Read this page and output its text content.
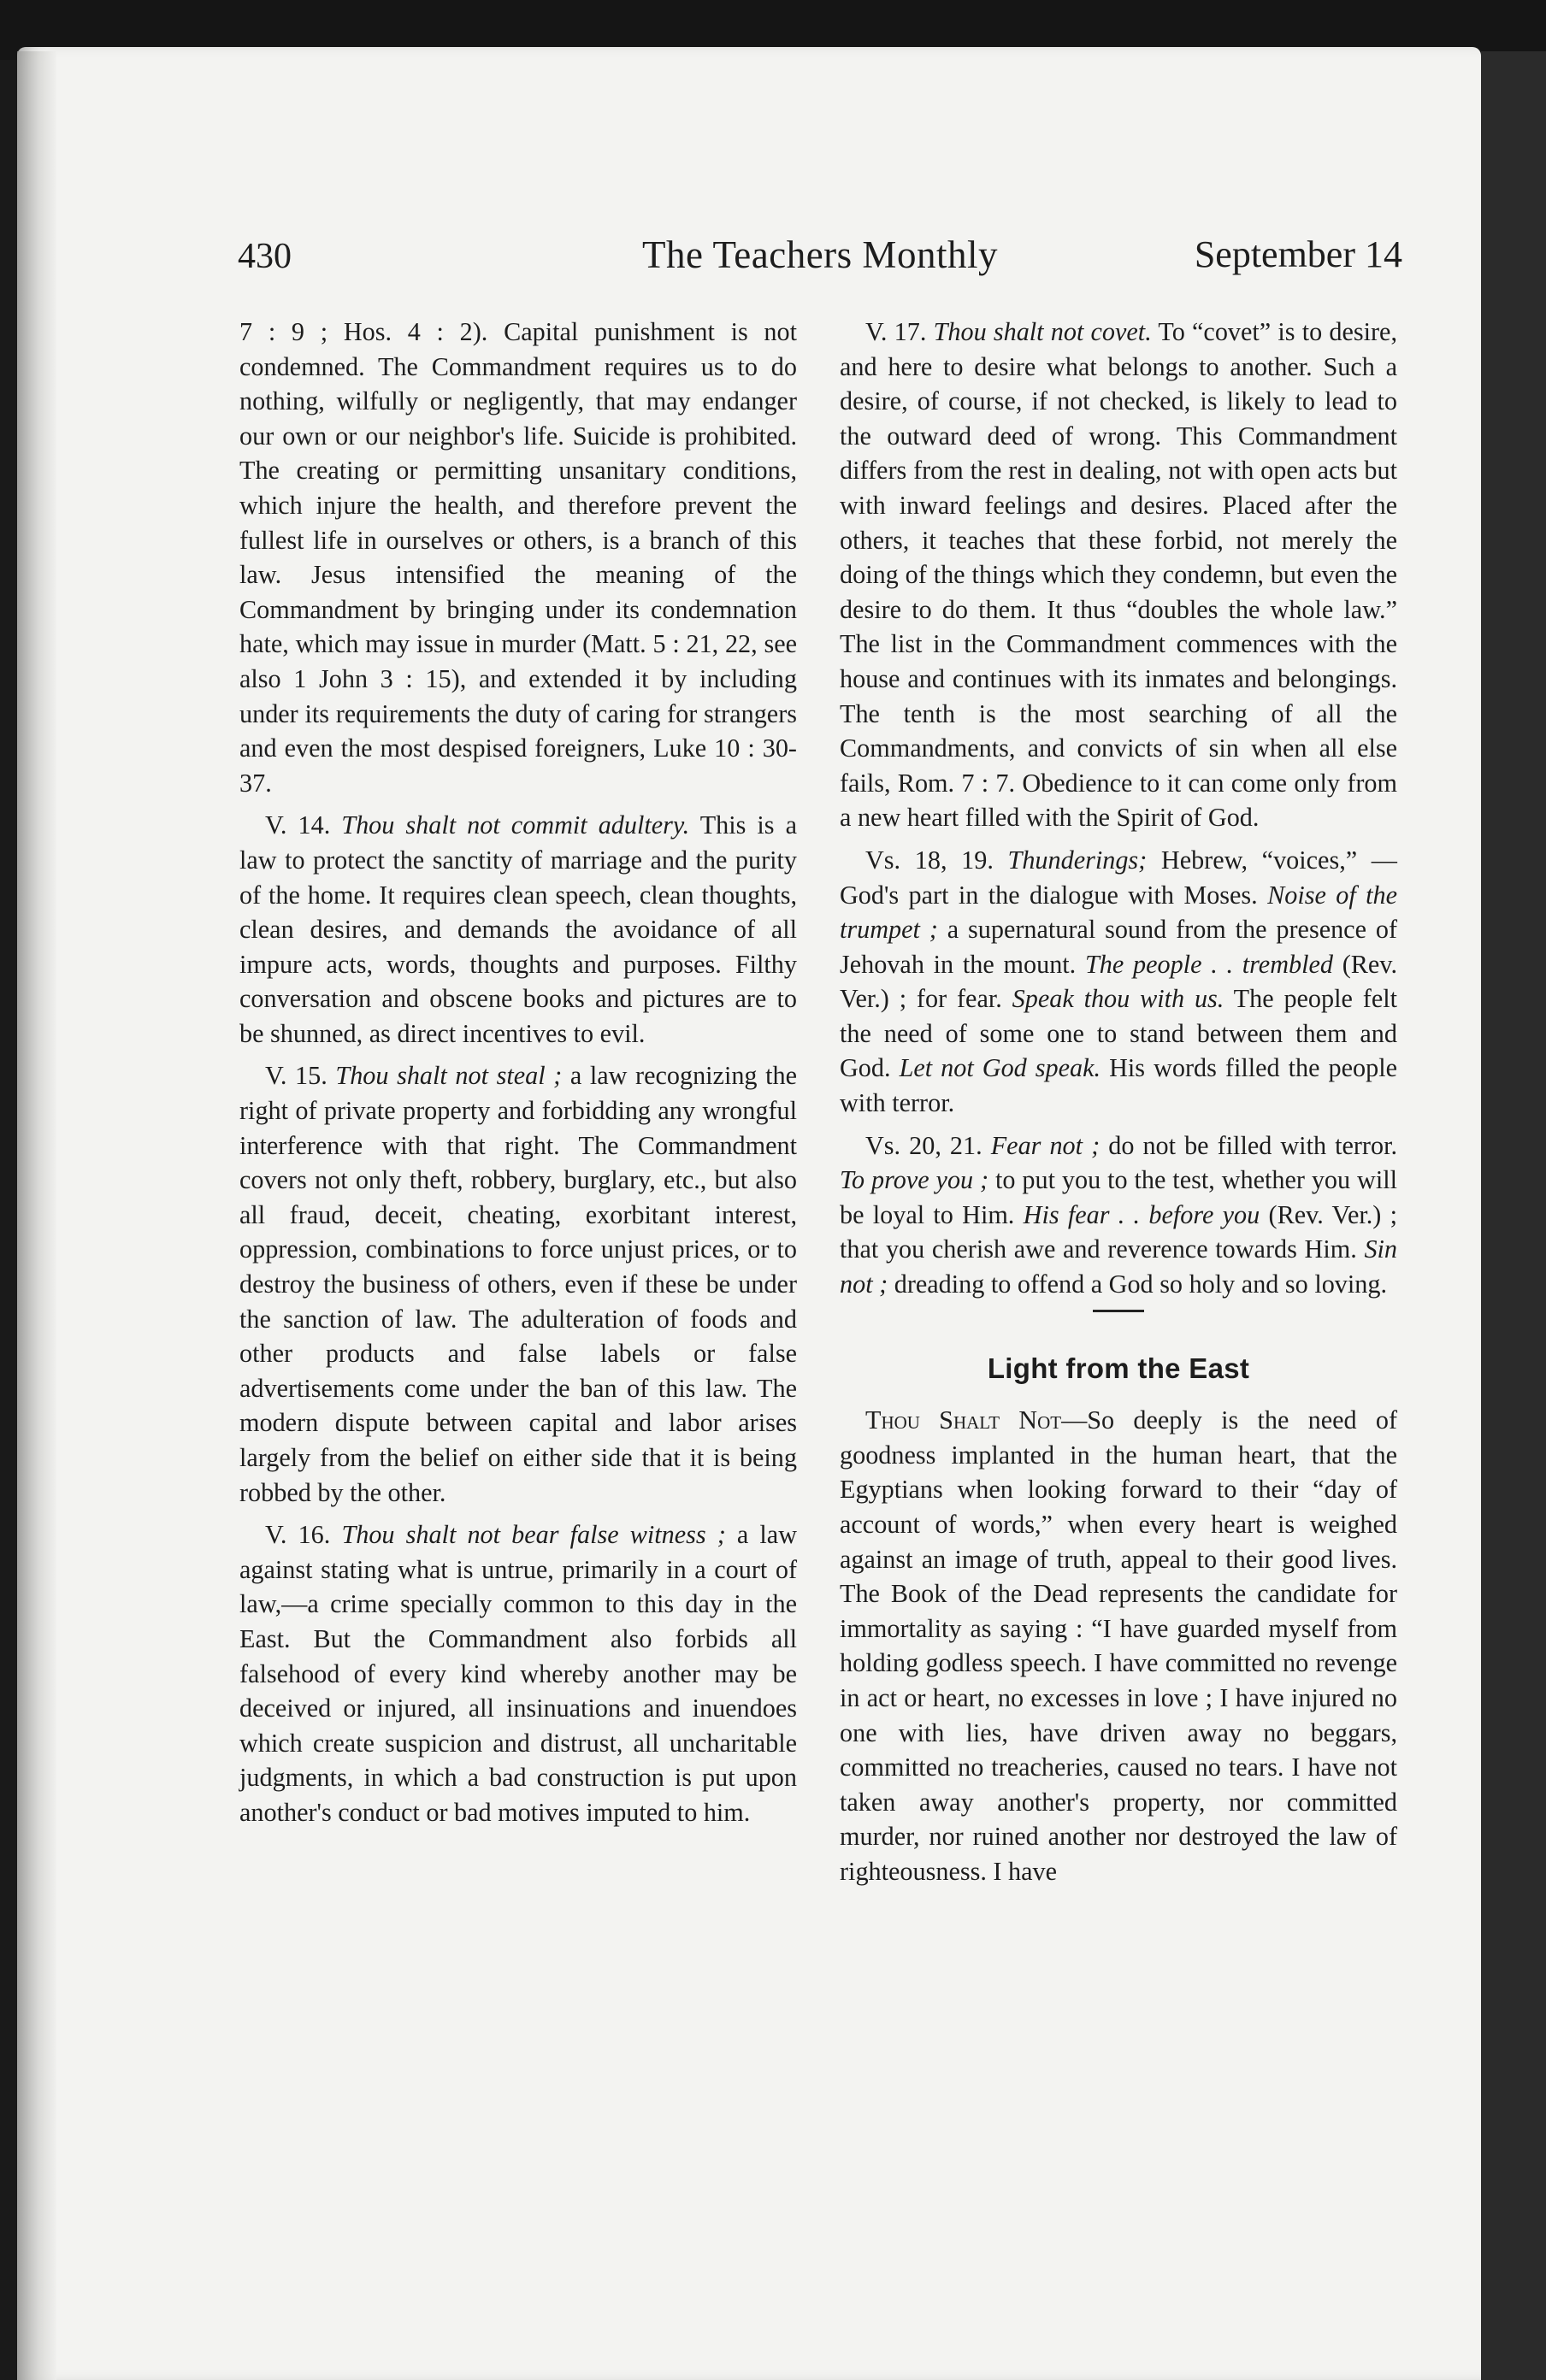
430	The Teachers Monthly	September 14

7 : 9 ; Hos. 4 : 2). Capital punishment is not condemned. The Commandment requires us to do nothing, wilfully or negligently, that may endanger our own or our neighbor's life. Suicide is prohibited. The creating or permitting unsanitary conditions, which injure the health, and therefore prevent the fullest life in ourselves or others, is a branch of this law. Jesus intensified the meaning of the Commandment by bringing under its condemnation hate, which may issue in murder (Matt. 5 : 21, 22, see also 1 John 3 : 15), and extended it by including under its requirements the duty of caring for strangers and even the most despised foreigners, Luke 10 : 30-37.

V. 14. Thou shalt not commit adultery. This is a law to protect the sanctity of marriage and the purity of the home. It requires clean speech, clean thoughts, clean desires, and demands the avoidance of all impure acts, words, thoughts and purposes. Filthy conversation and obscene books and pictures are to be shunned, as direct incentives to evil.

V. 15. Thou shalt not steal ; a law recognizing the right of private property and forbidding any wrongful interference with that right. The Commandment covers not only theft, robbery, burglary, etc., but also all fraud, deceit, cheating, exorbitant interest, oppression, combinations to force unjust prices, or to destroy the business of others, even if these be under the sanction of law. The adulteration of foods and other products and false labels or false advertisements come under the ban of this law. The modern dispute between capital and labor arises largely from the belief on either side that it is being robbed by the other.

V. 16. Thou shalt not bear false witness ; a law against stating what is untrue, primarily in a court of law,—a crime specially common to this day in the East. But the Commandment also forbids all falsehood of every kind whereby another may be deceived or injured, all insinuations and inuendoes which create suspicion and distrust, all uncharitable judgments, in which a bad construction is put upon another's conduct or bad motives imputed to him.

V. 17. Thou shalt not covet. To “covet” is to desire, and here to desire what belongs to another. Such a desire, of course, if not checked, is likely to lead to the outward deed of wrong. This Commandment differs from the rest in dealing, not with open acts but with inward feelings and desires. Placed after the others, it teaches that these forbid, not merely the doing of the things which they condemn, but even the desire to do them. It thus “doubles the whole law.” The list in the Commandment commences with the house and continues with its inmates and belongings. The tenth is the most searching of all the Commandments, and convicts of sin when all else fails, Rom. 7 : 7. Obedience to it can come only from a new heart filled with the Spirit of God.

Vs. 18, 19. Thunderings; Hebrew, “voices,” —God's part in the dialogue with Moses. Noise of the trumpet ; a supernatural sound from the presence of Jehovah in the mount. The people . . trembled (Rev. Ver.) ; for fear. Speak thou with us. The people felt the need of some one to stand between them and God. Let not God speak. His words filled the people with terror.

Vs. 20, 21. Fear not ; do not be filled with terror. To prove you ; to put you to the test, whether you will be loyal to Him. His fear . . before you (Rev. Ver.) ; that you cherish awe and reverence towards Him. Sin not ; dreading to offend a God so holy and so loving.

Light from the East

Thou Shalt Not—So deeply is the need of goodness implanted in the human heart, that the Egyptians when looking forward to their “day of account of words,” when every heart is weighed against an image of truth, appeal to their good lives. The Book of the Dead represents the candidate for immortality as saying : “I have guarded myself from holding godless speech. I have committed no revenge in act or heart, no excesses in love ; I have injured no one with lies, have driven away no beggars, committed no treacheries, caused no tears. I have not taken away another's property, nor committed murder, nor ruined another nor destroyed the law of righteousness. I have
